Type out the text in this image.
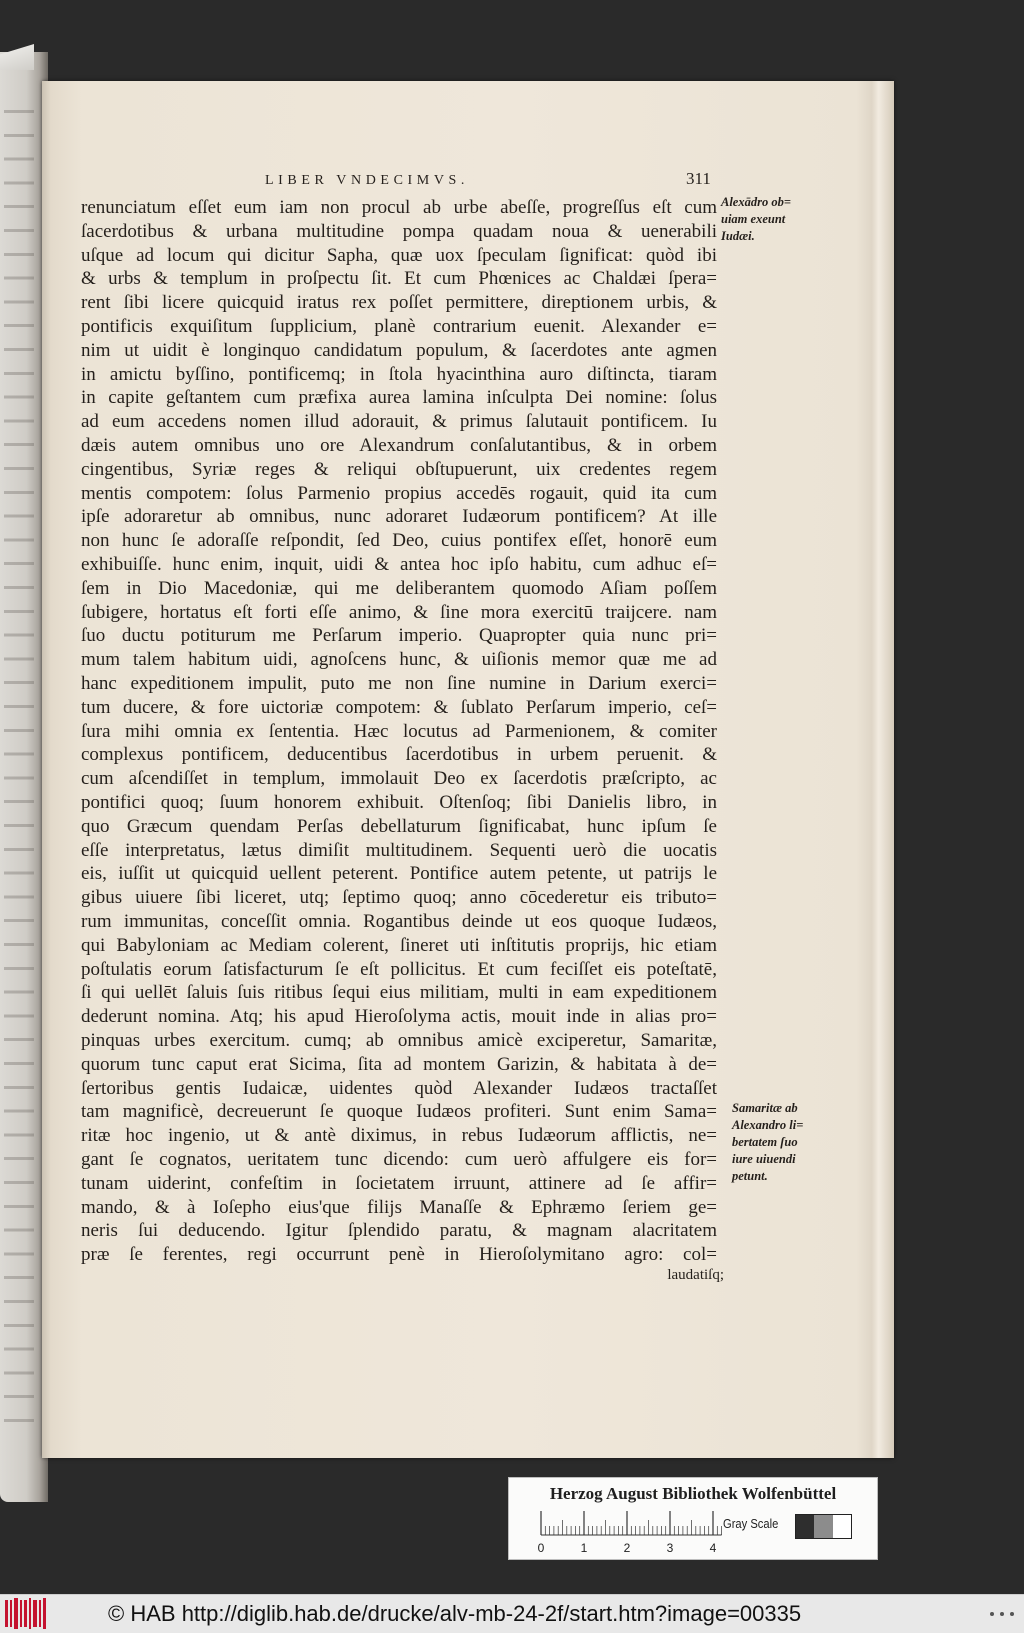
LIBER VNDECIMVS.	311
renunciatum eſſet eum iam non procul ab urbe abeſſe, progreſſus eſt cum
ſacerdotibus & urbana multitudine pompa quadam noua & uenerabili
uſque ad locum qui dicitur Sapha, quæ uox ſpeculam ſignificat: quòd ibi
& urbs & templum in proſpectu ſit. Et cum Phœnices ac Chaldæi ſpera=
rent ſibi licere quicquid iratus rex poſſet permittere, direptionem urbis, &
pontificis exquiſitum ſupplicium, planè contrarium euenit. Alexander e=
nim ut uidit è longinquo candidatum populum, & ſacerdotes ante agmen
in amictu byſſino, pontificemq; in ſtola hyacinthina auro diſtincta, tiaram
in capite geſtantem cum præfixa aurea lamina inſculpta Dei nomine: ſolus
ad eum accedens nomen illud adorauit, & primus ſalutauit pontificem. Iu
dæis autem omnibus uno ore Alexandrum conſalutantibus, & in orbem
cingentibus, Syriæ reges & reliqui obſtupuerunt, uix credentes regem
mentis compotem: ſolus Parmenio propius accedēs rogauit, quid ita cum
ipſe adoraretur ab omnibus, nunc adoraret Iudæorum pontificem? At ille
non hunc ſe adoraſſe reſpondit, ſed Deo, cuius pontifex eſſet, honorē eum
exhibuiſſe. hunc enim, inquit, uidi & antea hoc ipſo habitu, cum adhuc eſ=
ſem in Dio Macedoniæ, qui me deliberantem quomodo Aſiam poſſem
ſubigere, hortatus eſt forti eſſe animo, & ſine mora exercitū traijcere. nam
ſuo ductu potiturum me Perſarum imperio. Quapropter quia nunc pri=
mum talem habitum uidi, agnoſcens hunc, & uiſionis memor quæ me ad
hanc expeditionem impulit, puto me non ſine numine in Darium exerci=
tum ducere, & fore uictoriæ compotem: & ſublato Perſarum imperio, ceſ=
ſura mihi omnia ex ſententia. Hæc locutus ad Parmenionem, & comiter
complexus pontificem, deducentibus ſacerdotibus in urbem peruenit. &
cum aſcendiſſet in templum, immolauit Deo ex ſacerdotis præſcripto, ac
pontifici quoq; ſuum honorem exhibuit. Oſtenſoq; ſibi Danielis libro, in
quo Græcum quendam Perſas debellaturum ſignificabat, hunc ipſum ſe
eſſe interpretatus, lætus dimiſit multitudinem. Sequenti uerò die uocatis
eis, iuſſit ut quicquid uellent peterent. Pontifice autem petente, ut patrijs le
gibus uiuere ſibi liceret, utq; ſeptimo quoq; anno cōcederetur eis tributo=
rum immunitas, conceſſit omnia. Rogantibus deinde ut eos quoque Iudæos,
qui Babyloniam ac Mediam colerent, ſineret uti inſtitutis proprijs, hic etiam
poſtulatis eorum ſatisfacturum ſe eſt pollicitus. Et cum feciſſet eis poteſtatē,
ſi qui uellēt ſaluis ſuis ritibus ſequi eius militiam, multi in eam expeditionem
dederunt nomina. Atq; his apud Hieroſolyma actis, mouit inde in alias pro=
pinquas urbes exercitum. cumq; ab omnibus amicè exciperetur, Samaritæ,
quorum tunc caput erat Sicima, ſita ad montem Garizin, & habitata à de=
ſertoribus gentis Iudaicæ, uidentes quòd Alexander Iudæos tractaſſet
tam magnificè, decreuerunt ſe quoque Iudæos profiteri. Sunt enim Sama=
ritæ hoc ingenio, ut & antè diximus, in rebus Iudæorum afflictis, ne=
gant ſe cognatos, ueritatem tunc dicendo: cum uerò affulgere eis for=
tunam uiderint, confeſtim in ſocietatem irruunt, attinere ad ſe affir=
mando, & à Ioſepho eius'que filijs Manaſſe & Ephræmo ſeriem ge=
neris ſui deducendo. Igitur ſplendido paratu, & magnam alacritatem
præ ſe ferentes, regi occurrunt penè in Hieroſolymitano agro: col=
laudatiſq;
Alexādro ob=
uiam exeunt
Iudæi.
Samaritæ ab
Alexandro li=
bertatem ſuo
iure uiuendi
petunt.
Herzog August Bibliothek Wolfenbüttel
0	1	2	3	4
Gray Scale
© HAB http://diglib.hab.de/drucke/alv-mb-24-2f/start.htm?image=00335
